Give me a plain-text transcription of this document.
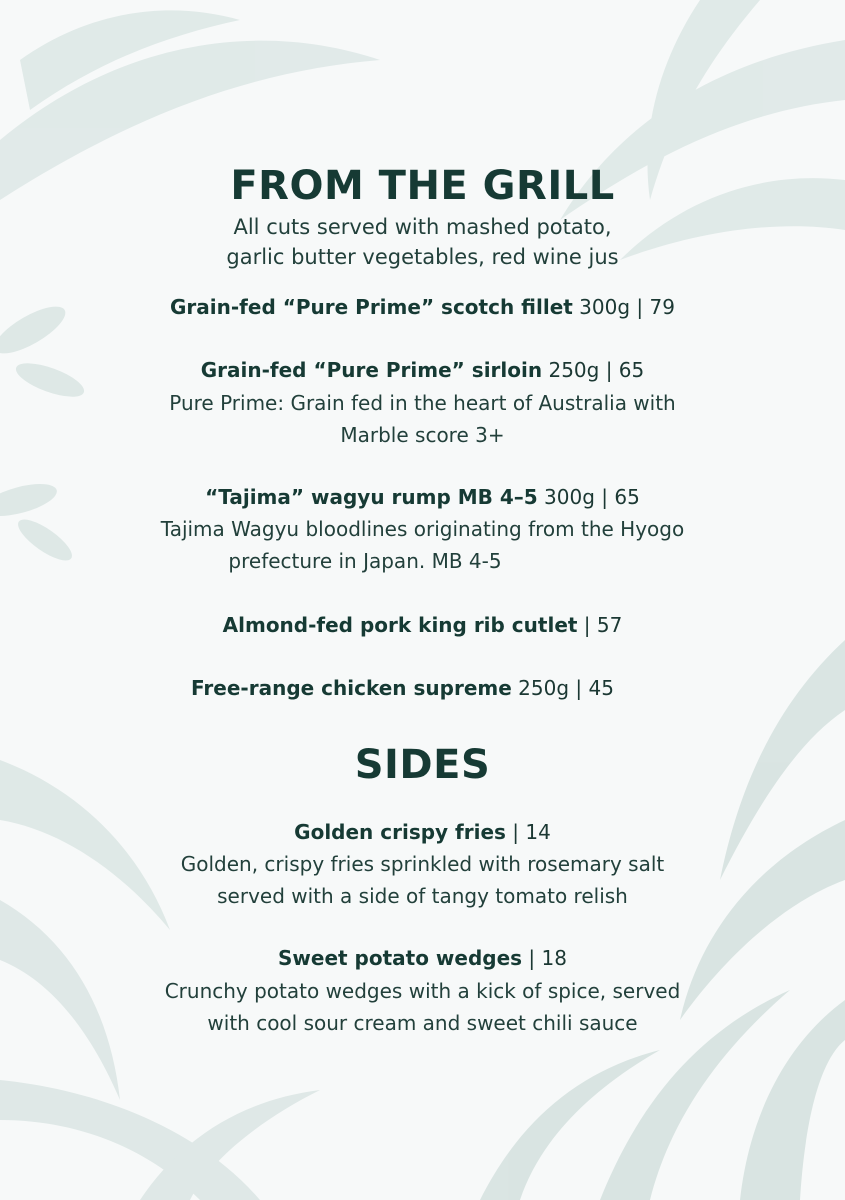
FROM THE GRILL

All cuts served with mashed potato,

garlic butter vegetables, red wine jus

Grain-fed “Pure Prime” scotch fillet 300g | 79

Grain-fed “Pure Prime” sirloin 250g | 65

Pure Prime: Grain fed in the heart of Australia with

Marble score 3+

“Tajima” wagyu rump MB 4–5 300g | 65

Tajima Wagyu bloodlines originating from the Hyogo

prefecture in Japan. MB 4-5

Almond-fed pork king rib cutlet | 57

Free-range chicken supreme 250g | 45

SIDES

Golden crispy fries | 14

Golden, crispy fries sprinkled with rosemary salt

served with a side of tangy tomato relish

Sweet potato wedges | 18

Crunchy potato wedges with a kick of spice, served

with cool sour cream and sweet chili sauce
